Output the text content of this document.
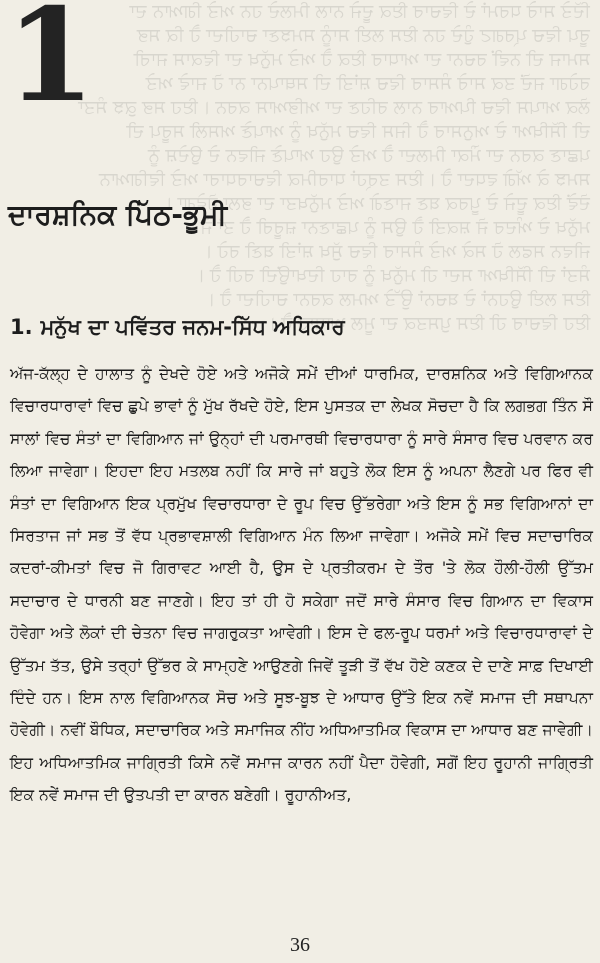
ਦਿੱਤੇ ਸਾਰੇ ਧਰਮਾਂ ਦੇ ਵਿਚਾਰ ਇਕ ਦੂਜੇ ਨਾਲ ਮਿਲਦੇ ਹਨ ਅਤੇ ਗਿਆਨ ਦਾ
ਰੂਪ ਵਿਚ ਪ੍ਰਗਟ ਹੁੰਦੇ ਹਨ ਇਸ ਲਈ ਸਾਨੂੰ ਸਮਝਣਾ ਚਾਹੀਦਾ ਹੈ ਕਿ ਸਭ
ਸਮਾਜ ਦੀ ਨਵੀਂ ਰਚਨਾ ਦਾ ਆਧਾਰ ਇਕ ਹੈ ਅਤੇ ਮਨੁੱਖ ਦਾ ਵਿਕਾਸ ਜਾਰੀ
ਰਹੇਗਾ ਜਦੋਂ ਤਕ ਸਾਰੇ ਸੰਸਾਰ ਵਿਚ ਸ਼ਾਂਤੀ ਦੀ ਸਥਾਪਨਾ ਨਾ ਹੋ ਜਾਵੇ ਅਤੇ
ਲੋਕ ਆਪਸ ਵਿਚ ਪਿਆਰ ਨਾਲ ਰਹਿਣ ਦਾ ਅਭਿਆਸ ਕਰਨ। ਇਹ ਸਭ ਕੁਝ ਸੰਤਾਂ
ਦੀ ਸਿੱਖਿਆ ਦੇ ਅਨੁਸਾਰ ਹੈ ਜਿਸ ਵਿਚ ਮਨੁੱਖ ਨੂੰ ਆਪਣੇ ਅਸਲੀ ਸਰੂਪ ਦੀ
ਪਛਾਣ ਕਰਨ ਦਾ ਮੌਕਾ ਮਿਲਦਾ ਹੈ ਅਤੇ ਉਹ ਆਪਣੇ ਜੀਵਨ ਦੇ ਉਦੇਸ਼ ਨੂੰ
ਸਮਝ ਕੇ ਅੱਗੇ ਵਧਦਾ ਹੈ। ਇਸ ਤਰ੍ਹਾਂ ਧਾਰਮਿਕ ਵਿਚਾਰਧਾਰਾ ਅਤੇ ਵਿਗਿਆਨ
ਦੋਵੇਂ ਇਕ ਦੂਜੇ ਦੇ ਪੂਰਕ ਬਣ ਜਾਣਗੇ ਅਤੇ ਮਨੁੱਖਤਾ ਦਾ ਭਲਾ ਹੋਵੇਗਾ।
ਮਨੁੱਖ ਦੇ ਅੰਦਰ ਜੋ ਸ਼ਕਤੀ ਹੈ ਉਸ ਨੂੰ ਪਛਾਣਨਾ ਜ਼ਰੂਰੀ ਹੈ ਤਾਂ ਜੋ
ਜੀਵਨ ਸਫਲ ਹੋ ਸਕੇ ਅਤੇ ਸੰਸਾਰ ਵਿਚ ਸੁੱਖ ਸ਼ਾਂਤੀ ਬਣੀ ਰਹੇ।
ਸੰਤਾਂ ਦੀ ਸਿੱਖਿਆ ਸਦਾ ਹੀ ਮਨੁੱਖ ਨੂੰ ਰਾਹ ਦਿਖਾਉਂਦੀ ਰਹੀ ਹੈ।
ਇਸ ਲਈ ਉਹਨਾਂ ਦੇ ਬਚਨਾਂ ਉੱਤੇ ਅਮਲ ਕਰਨਾ ਚਾਹੀਦਾ ਹੈ।
ਇਹ ਵਿਚਾਰ ਹੀ ਇਸ ਪੁਸਤਕ ਦਾ ਮੂਲ ਆਧਾਰ ਹੈ।
1
ਦਾਰਸ਼ਨਿਕ ਪਿੱਠ-ਭੂਮੀ
1. ਮਨੁੱਖ ਦਾ ਪਵਿੱਤਰ ਜਨਮ-ਸਿੱਧ ਅਧਿਕਾਰ

ਅੱਜ-ਕੱਲ੍ਹ ਦੇ ਹਾਲਾਤ ਨੂੰ ਦੇਖਦੇ ਹੋਏ ਅਤੇ ਅਜੋਕੇ ਸਮੇਂ ਦੀਆਂ ਧਾਰਮਿਕ, ਦਾਰਸ਼ਨਿਕ ਅਤੇ ਵਿਗਿਆਨਕ ਵਿਚਾਰਧਾਰਾਵਾਂ ਵਿਚ ਛੁਪੇ ਭਾਵਾਂ ਨੂੰ ਮੁੱਖ ਰੱਖਦੇ ਹੋਏ, ਇਸ ਪੁਸਤਕ ਦਾ ਲੇਖਕ ਸੋਚਦਾ ਹੈ ਕਿ ਲਗਭਗ ਤਿੰਨ ਸੌ ਸਾਲਾਂ ਵਿਚ ਸੰਤਾਂ ਦਾ ਵਿਗਿਆਨ ਜਾਂ ਉਨ੍ਹਾਂ ਦੀ ਪਰਮਾਰਥੀ ਵਿਚਾਰਧਾਰਾ ਨੂੰ ਸਾਰੇ ਸੰਸਾਰ ਵਿਚ ਪਰਵਾਨ ਕਰ ਲਿਆ ਜਾਵੇਗਾ। ਇਹਦਾ ਇਹ ਮਤਲਬ ਨਹੀਂ ਕਿ ਸਾਰੇ ਜਾਂ ਬਹੁਤੇ ਲੋਕ ਇਸ ਨੂੰ ਅਪਨਾ ਲੈਣਗੇ ਪਰ ਫਿਰ ਵੀ ਸੰਤਾਂ ਦਾ ਵਿਗਿਆਨ ਇਕ ਪ੍ਰਮੁੱਖ ਵਿਚਾਰਧਾਰਾ ਦੇ ਰੂਪ ਵਿਚ ਉੱਭਰੇਗਾ ਅਤੇ ਇਸ ਨੂੰ ਸਭ ਵਿਗਿਆਨਾਂ ਦਾ ਸਿਰਤਾਜ ਜਾਂ ਸਭ ਤੋਂ ਵੱਧ ਪ੍ਰਭਾਵਸ਼ਾਲੀ ਵਿਗਿਆਨ ਮੰਨ ਲਿਆ ਜਾਵੇਗਾ। ਅਜੋਕੇ ਸਮੇਂ ਵਿਚ ਸਦਾਚਾਰਿਕ ਕਦਰਾਂ-ਕੀਮਤਾਂ ਵਿਚ ਜੋ ਗਿਰਾਵਟ ਆਈ ਹੈ, ਉਸ ਦੇ ਪ੍ਰਤੀਕਰਮ ਦੇ ਤੌਰ 'ਤੇ ਲੋਕ ਹੌਲੀ-ਹੌਲੀ ਉੱਤਮ ਸਦਾਚਾਰ ਦੇ ਧਾਰਨੀ ਬਣ ਜਾਣਗੇ। ਇਹ ਤਾਂ ਹੀ ਹੋ ਸਕੇਗਾ ਜਦੋਂ ਸਾਰੇ ਸੰਸਾਰ ਵਿਚ ਗਿਆਨ ਦਾ ਵਿਕਾਸ ਹੋਵੇਗਾ ਅਤੇ ਲੋਕਾਂ ਦੀ ਚੇਤਨਾ ਵਿਚ ਜਾਗਰੁਕਤਾ ਆਵੇਗੀ। ਇਸ ਦੇ ਫਲ-ਰੂਪ ਧਰਮਾਂ ਅਤੇ ਵਿਚਾਰਧਾਰਾਵਾਂ ਦੇ ਉੱਤਮ ਤੱਤ, ਉਸੇ ਤਰ੍ਹਾਂ ਉੱਭਰ ਕੇ ਸਾਮ੍ਹਣੇ ਆਉਣਗੇ ਜਿਵੇਂ ਤੂੜੀ ਤੋਂ ਵੱਖ ਹੋਏ ਕਣਕ ਦੇ ਦਾਣੇ ਸਾਫ਼ ਦਿਖਾਈ ਦਿੰਦੇ ਹਨ। ਇਸ ਨਾਲ ਵਿਗਿਆਨਕ ਸੋਚ ਅਤੇ ਸੂਝ-ਬੂਝ ਦੇ ਆਧਾਰ ਉੱਤੇ ਇਕ ਨਵੇਂ ਸਮਾਜ ਦੀ ਸਥਾਪਨਾ ਹੋਵੇਗੀ। ਨਵੀਂ ਬੌਧਿਕ, ਸਦਾਚਾਰਿਕ ਅਤੇ ਸਮਾਜਿਕ ਨੀਂਹ ਅਧਿਆਤਮਿਕ ਵਿਕਾਸ ਦਾ ਆਧਾਰ ਬਣ ਜਾਵੇਗੀ। ਇਹ ਅਧਿਆਤਮਿਕ ਜਾਗ੍ਰਿਤੀ ਕਿਸੇ ਨਵੇਂ ਸਮਾਜ ਕਾਰਨ ਨਹੀਂ ਪੈਦਾ ਹੋਵੇਗੀ, ਸਗੋਂ ਇਹ ਰੂਹਾਨੀ ਜਾਗ੍ਰਿਤੀ ਇਕ ਨਵੇਂ ਸਮਾਜ ਦੀ ਉਤਪਤੀ ਦਾ ਕਾਰਨ ਬਣੇਗੀ। ਰੂਹਾਨੀਅਤ,

36
